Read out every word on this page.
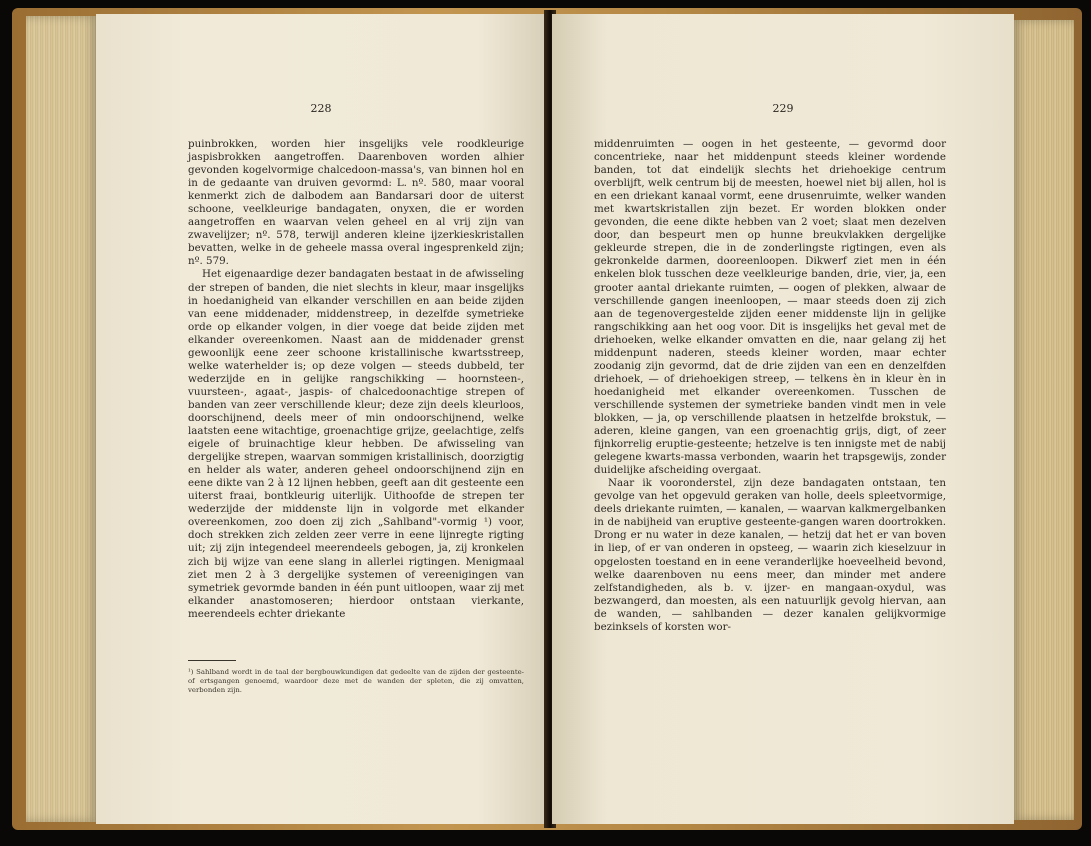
228

puinbrokken, worden hier insgelijks vele roodkleurige jaspisbrokken aangetroffen. Daarenboven worden alhier gevonden kogelvormige chalcedoon-massa's, van binnen hol en in de gedaante van druiven gevormd: L. nº. 580, maar vooral kenmerkt zich de dalbodem aan Bandarsari door de uiterst schoone, veelkleurige bandagaten, onyxen, die er worden aangetroffen en waarvan velen geheel en al vrij zijn van zwavelijzer; nº. 578, terwijl anderen kleine ijzerkieskristallen bevatten, welke in de geheele massa overal ingesprenkeld zijn; nº. 579.

Het eigenaardige dezer bandagaten bestaat in de afwisseling der strepen of banden, die niet slechts in kleur, maar insgelijks in hoedanigheid van elkander verschillen en aan beide zijden van eene middenader, middenstreep, in dezelfde symetrieke orde op elkander volgen, in dier voege dat beide zijden met elkander overeenkomen. Naast aan de middenader grenst gewoonlijk eene zeer schoone kristallinische kwartsstreep, welke waterhelder is; op deze volgen — steeds dubbeld, ter wederzijde en in gelijke rangschikking — hoornsteen-, vuursteen-, agaat-, jaspis- of chalcedoonachtige strepen of banden van zeer verschillende kleur; deze zijn deels kleurloos, doorschijnend, deels meer of min ondoorschijnend, welke laatsten eene witachtige, groenachtige grijze, geelachtige, zelfs eigele of bruinachtige kleur hebben. De afwisseling van dergelijke strepen, waarvan sommigen kristallinisch, doorzigtig en helder als water, anderen geheel ondoorschijnend zijn en eene dikte van 2 à 12 lijnen hebben, geeft aan dit gesteente een uiterst fraai, bontkleurig uiterlijk. Uithoofde de strepen ter wederzijde der middenste lijn in volgorde met elkander overeenkomen, zoo doen zij zich „Sahlband"-vormig ¹) voor, doch strekken zich zelden zeer verre in eene lijnregte rigting uit; zij zijn integendeel meerendeels gebogen, ja, zij kronkelen zich bij wijze van eene slang in allerlei rigtingen. Menigmaal ziet men 2 à 3 dergelijke systemen of vereenigingen van symetriek gevormde banden in één punt uitloopen, waar zij met elkander anastomoseren; hierdoor ontstaan vierkante, meerendeels echter driekante

¹) Sahlband wordt in de taal der bergbouwkundigen dat gedeelte van de zijden der gesteente- of ertsgangen genoemd, waardoor deze met de wanden der spleten, die zij omvatten, verbonden zijn.
229

middenruimten — oogen in het gesteente, — gevormd door concentrieke, naar het middenpunt steeds kleiner wordende banden, tot dat eindelijk slechts het driehoekige centrum overblijft, welk centrum bij de meesten, hoewel niet bij allen, hol is en een driekant kanaal vormt, eene drusenruimte, welker wanden met kwartskristallen zijn bezet. Er worden blokken onder gevonden, die eene dikte hebben van 2 voet; slaat men dezelven door, dan bespeurt men op hunne breukvlakken dergelijke gekleurde strepen, die in de zonderlingste rigtingen, even als gekronkelde darmen, dooreenloopen. Dikwerf ziet men in één enkelen blok tusschen deze veelkleurige banden, drie, vier, ja, een grooter aantal driekante ruimten, — oogen of plekken, alwaar de verschillende gangen ineenloopen, — maar steeds doen zij zich aan de tegenovergestelde zijden eener middenste lijn in gelijke rangschikking aan het oog voor. Dit is insgelijks het geval met de driehoeken, welke elkander omvatten en die, naar gelang zij het middenpunt naderen, steeds kleiner worden, maar echter zoodanig zijn gevormd, dat de drie zijden van een en denzelfden driehoek, — of driehoekigen streep, — telkens èn in kleur èn in hoedanigheid met elkander overeenkomen. Tusschen de verschillende systemen der symetrieke banden vindt men in vele blokken, — ja, op verschillende plaatsen in hetzelfde brokstuk, — aderen, kleine gangen, van een groenachtig grijs, digt, of zeer fijnkorrelig eruptie-gesteente; hetzelve is ten innigste met de nabij gelegene kwarts-massa verbonden, waarin het trapsgewijs, zonder duidelijke afscheiding overgaat.

Naar ik vooronderstel, zijn deze bandagaten ontstaan, ten gevolge van het opgevuld geraken van holle, deels spleetvormige, deels driekante ruimten, — kanalen, — waarvan kalkmergelbanken in de nabijheid van eruptive gesteente-gangen waren doortrokken. Drong er nu water in deze kanalen, — hetzij dat het er van boven in liep, of er van onderen in opsteeg, — waarin zich kieselzuur in opgelosten toestand en in eene veranderlijke hoeveelheid bevond, welke daarenboven nu eens meer, dan minder met andere zelfstandigheden, als b. v. ijzer- en mangaan-oxydul, was bezwangerd, dan moesten, als een natuurlijk gevolg hiervan, aan de wanden, — sahlbanden — dezer kanalen gelijkvormige bezinksels of korsten wor-
